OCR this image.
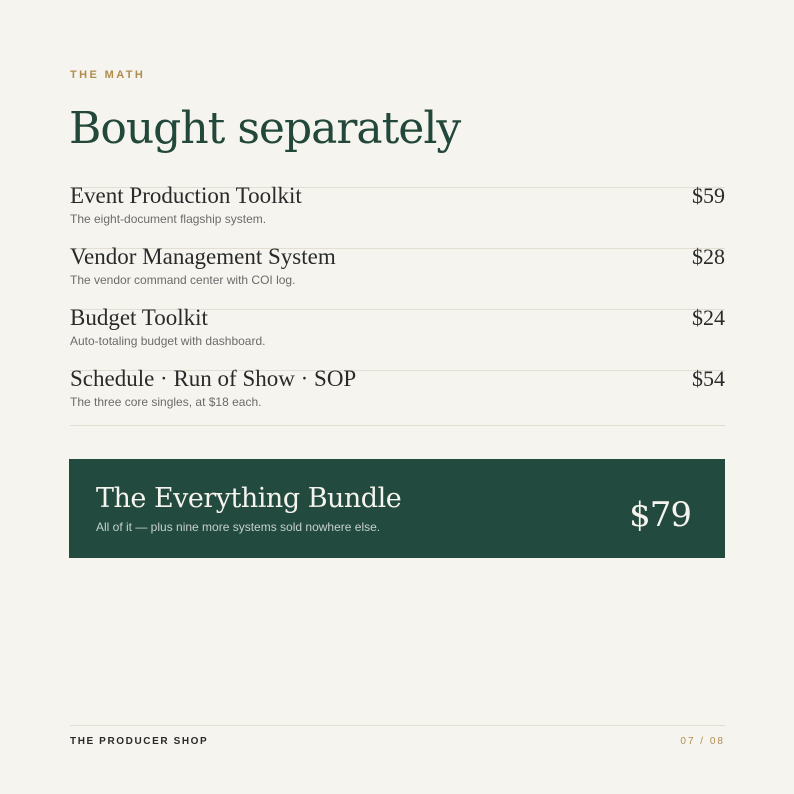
THE MATH
Bought separately
Event Production Toolkit
The eight-document flagship system.
$59
Vendor Management System
The vendor command center with COI log.
$28
Budget Toolkit
Auto-totaling budget with dashboard.
$24
Schedule · Run of Show · SOP
The three core singles, at $18 each.
$54
The Everything Bundle
All of it — plus nine more systems sold nowhere else.	$79
THE PRODUCER SHOP	07 / 08
